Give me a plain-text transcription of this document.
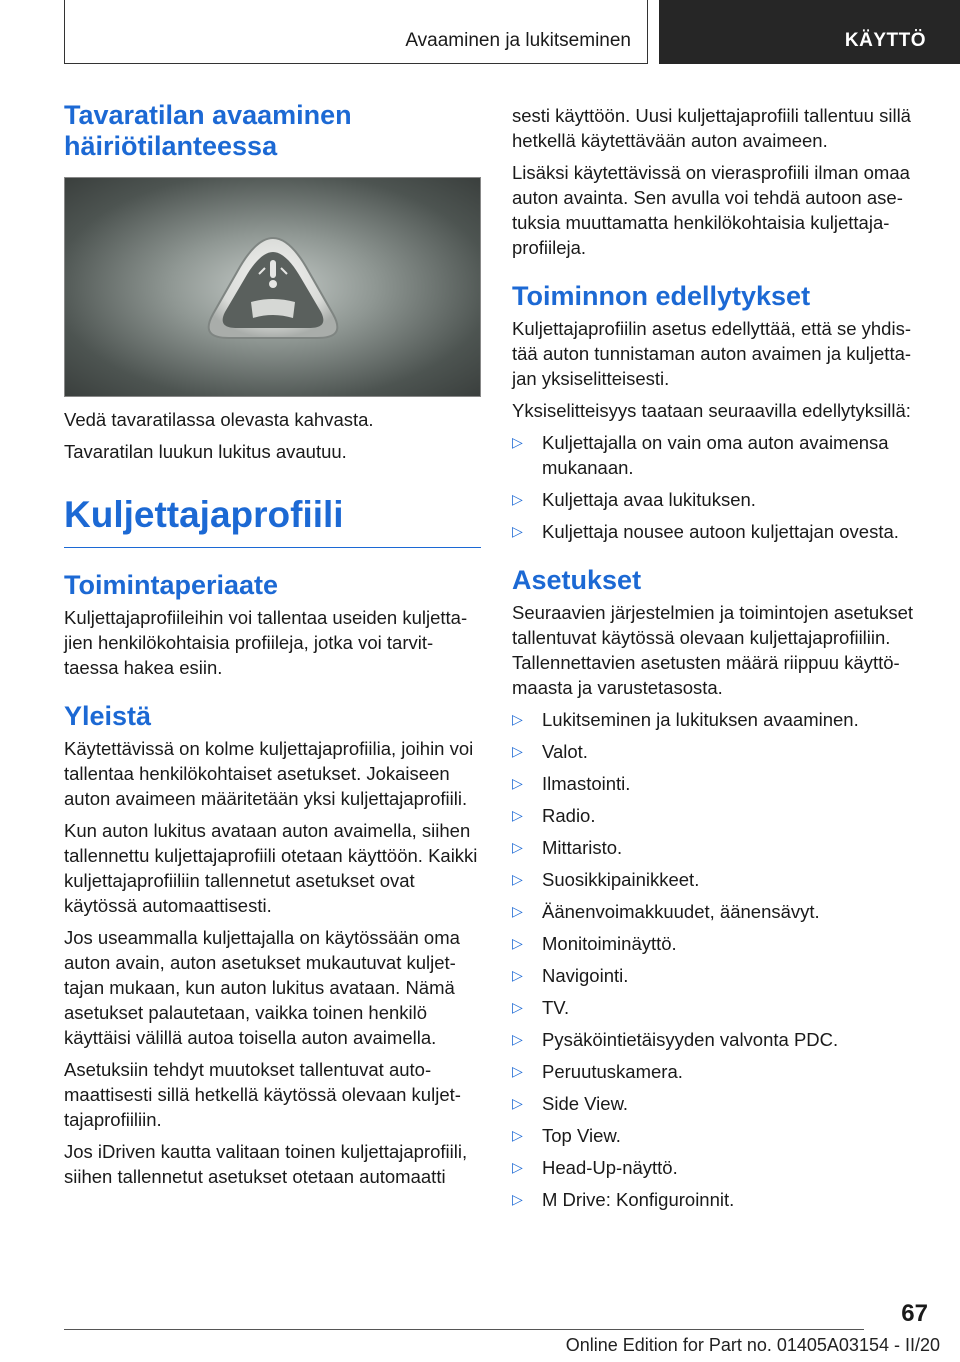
Avaaminen ja lukitseminen	KÄYTTÖ
Tavaratilan avaaminen häiriötilanteessa

Vedä tavaratilassa olevasta kahvasta.

Tavaratilan luukun lukitus avautuu.

Kuljettajaprofiili
Toimintaperiaate

Kuljettajaprofiileihin voi tallentaa useiden kuljettajien henkilökohtaisia profiileja, jotka voi tarvittaessa hakea esiin.

Yleistä

Käytettävissä on kolme kuljettajaprofiilia, joihin voi tallentaa henkilökohtaiset asetukset. Jokaiseen auton avaimeen määritetään yksi kuljettajaprofiili.

Kun auton lukitus avataan auton avaimella, siihen tallennettu kuljettajaprofiili otetaan käyttöön. Kaikki kuljettajaprofiiliin tallennetut asetukset ovat käytössä automaattisesti.

Jos useammalla kuljettajalla on käytössään oma auton avain, auton asetukset mukautuvat kuljettajan mukaan, kun auton lukitus avataan. Nämä asetukset palautetaan, vaikka toinen henkilö käyttäisi välillä autoa toisella auton avaimella.

Asetuksiin tehdyt muutokset tallentuvat automaattisesti sillä hetkellä käytössä olevaan kuljettajaprofiiliin.

Jos iDriven kautta valitaan toinen kuljettajaprofiili, siihen tallennetut asetukset otetaan automaatti

sesti käyttöön. Uusi kuljettajaprofiili tallentuu sillä hetkellä käytettävään auton avaimeen.

Lisäksi käytettävissä on vierasprofiili ilman omaa auton avainta. Sen avulla voi tehdä autoon asetuksia muuttamatta henkilökohtaisia kuljettajaprofiileja.

Toiminnon edellytykset

Kuljettajaprofiilin asetus edellyttää, että se yhdistää auton tunnistaman auton avaimen ja kuljettajan yksiselitteisesti.

Yksiselitteisyys taataan seuraavilla edellytyksillä:

▷ Kuljettajalla on vain oma auton avaimensa mukanaan.
▷ Kuljettaja avaa lukituksen.
▷ Kuljettaja nousee autoon kuljettajan ovesta.
Asetukset

Seuraavien järjestelmien ja toimintojen asetukset tallentuvat käytössä olevaan kuljettajaprofiiliin. Tallennettavien asetusten määrä riippuu käyttömaasta ja varustetasosta.

▷ Lukitseminen ja lukituksen avaaminen.
▷ Valot.
▷ Ilmastointi.
▷ Radio.
▷ Mittaristo.
▷ Suosikkipainikkeet.
▷ Äänenvoimakkuudet, äänensävyt.
▷ Monitoiminäyttö.
▷ Navigointi.
▷ TV.
▷ Pysäköintietäisyyden valvonta PDC.
▷ Peruutuskamera.
▷ Side View.
▷ Top View.
▷ Head-Up-näyttö.
▷ M Drive: Konfiguroinnit.
67
Online Edition for Part no. 01405A03154 - II/20
